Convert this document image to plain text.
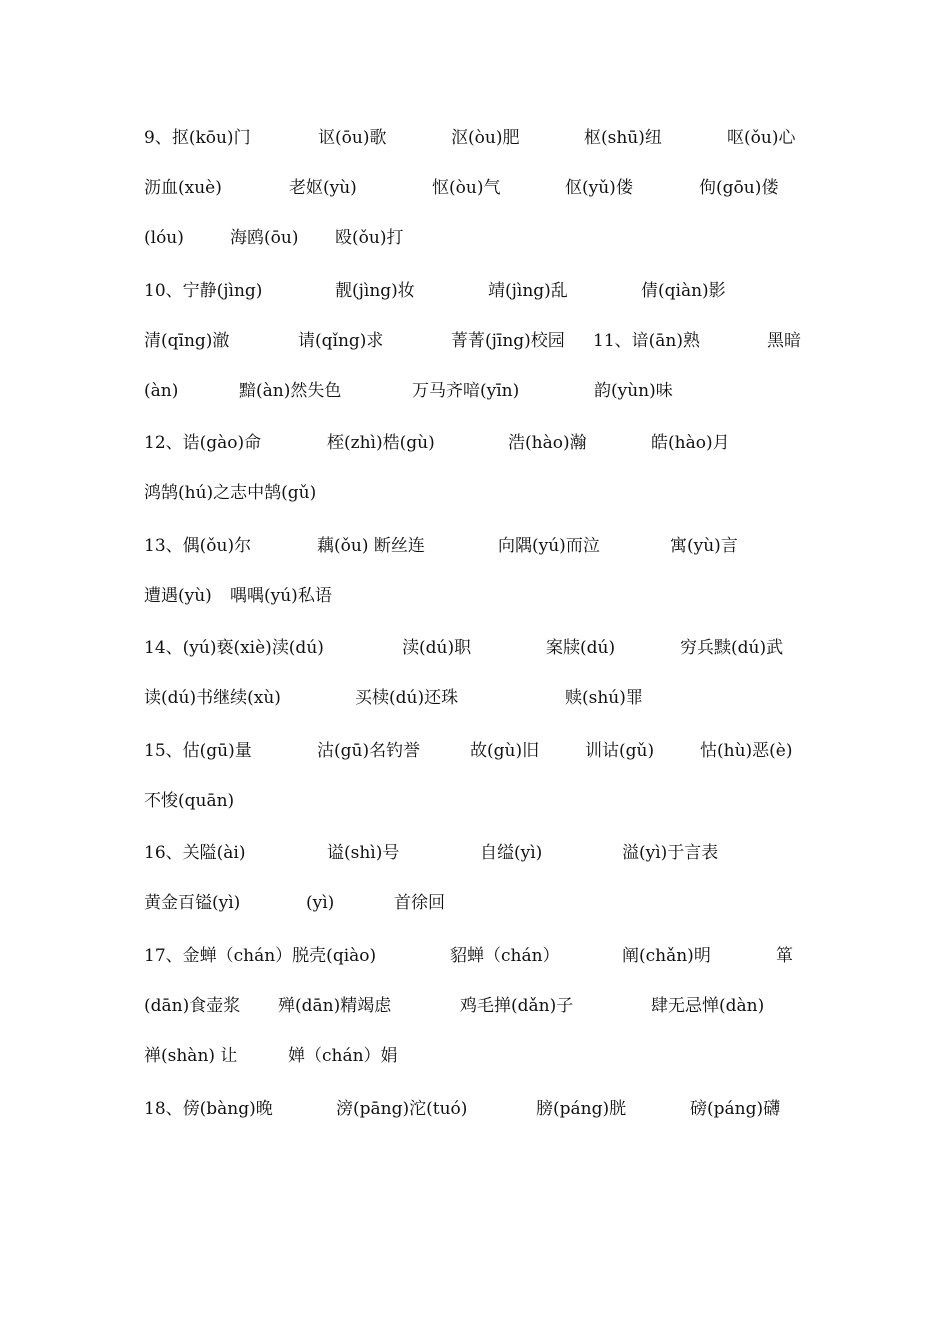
9、抠(kōu)门	讴(ōu)歌	沤(òu)肥	枢(shū)纽	呕(ǒu)心
沥血(xuè)	老妪(yù)	怄(òu)气	伛(yǔ)偻	佝(gōu)偻
(lóu)	海鸥(ōu) 殴(ǒu)打
10、宁静(jìng)	靓(jìng)妆	靖(jìng)乱	倩(qiàn)影
清(qīng)澈	请(qǐng)求	菁菁(jīng)校园 11、谙(ān)熟	黑暗
(àn)	黯(àn)然失色	万马齐喑(yīn)	韵(yùn)味
12、诰(gào)命	桎(zhì)梏(gù)	浩(hào)瀚	皓(hào)月
鸿鹄(hú)之志中鹄(gǔ)
13、偶(ǒu)尔	藕(ǒu) 断丝连	向隅(yú)而泣	寓(yù)言
遭遇(yù) 喁喁(yú)私语
14、(yú)亵(xiè)渎(dú)	渎(dú)职	案牍(dú)	穷兵黩(dú)武
读(dú)书继续(xù)	买椟(dú)还珠	赎(shú)罪
15、估(gū)量	沽(gū)名钓誉	故(gù)旧	训诂(gǔ)	怙(hù)恶(è)
不悛(quān)
16、关隘(ài)	谥(shì)号	自缢(yì)	溢(yì)于言表
黄金百镒(yì)	(yì)	首徐回
17、金蝉（chán）脱壳(qiào)	貂蝉（chán）	阐(chǎn)明	箪
(dān)食壶浆 殚(dān)精竭虑	鸡毛掸(dǎn)子	肆无忌惮(dàn)
禅(shàn) 让	婵（chán）娟
18、傍(bàng)晚	滂(pāng)沱(tuó)	膀(páng)胱	磅(páng)礴
